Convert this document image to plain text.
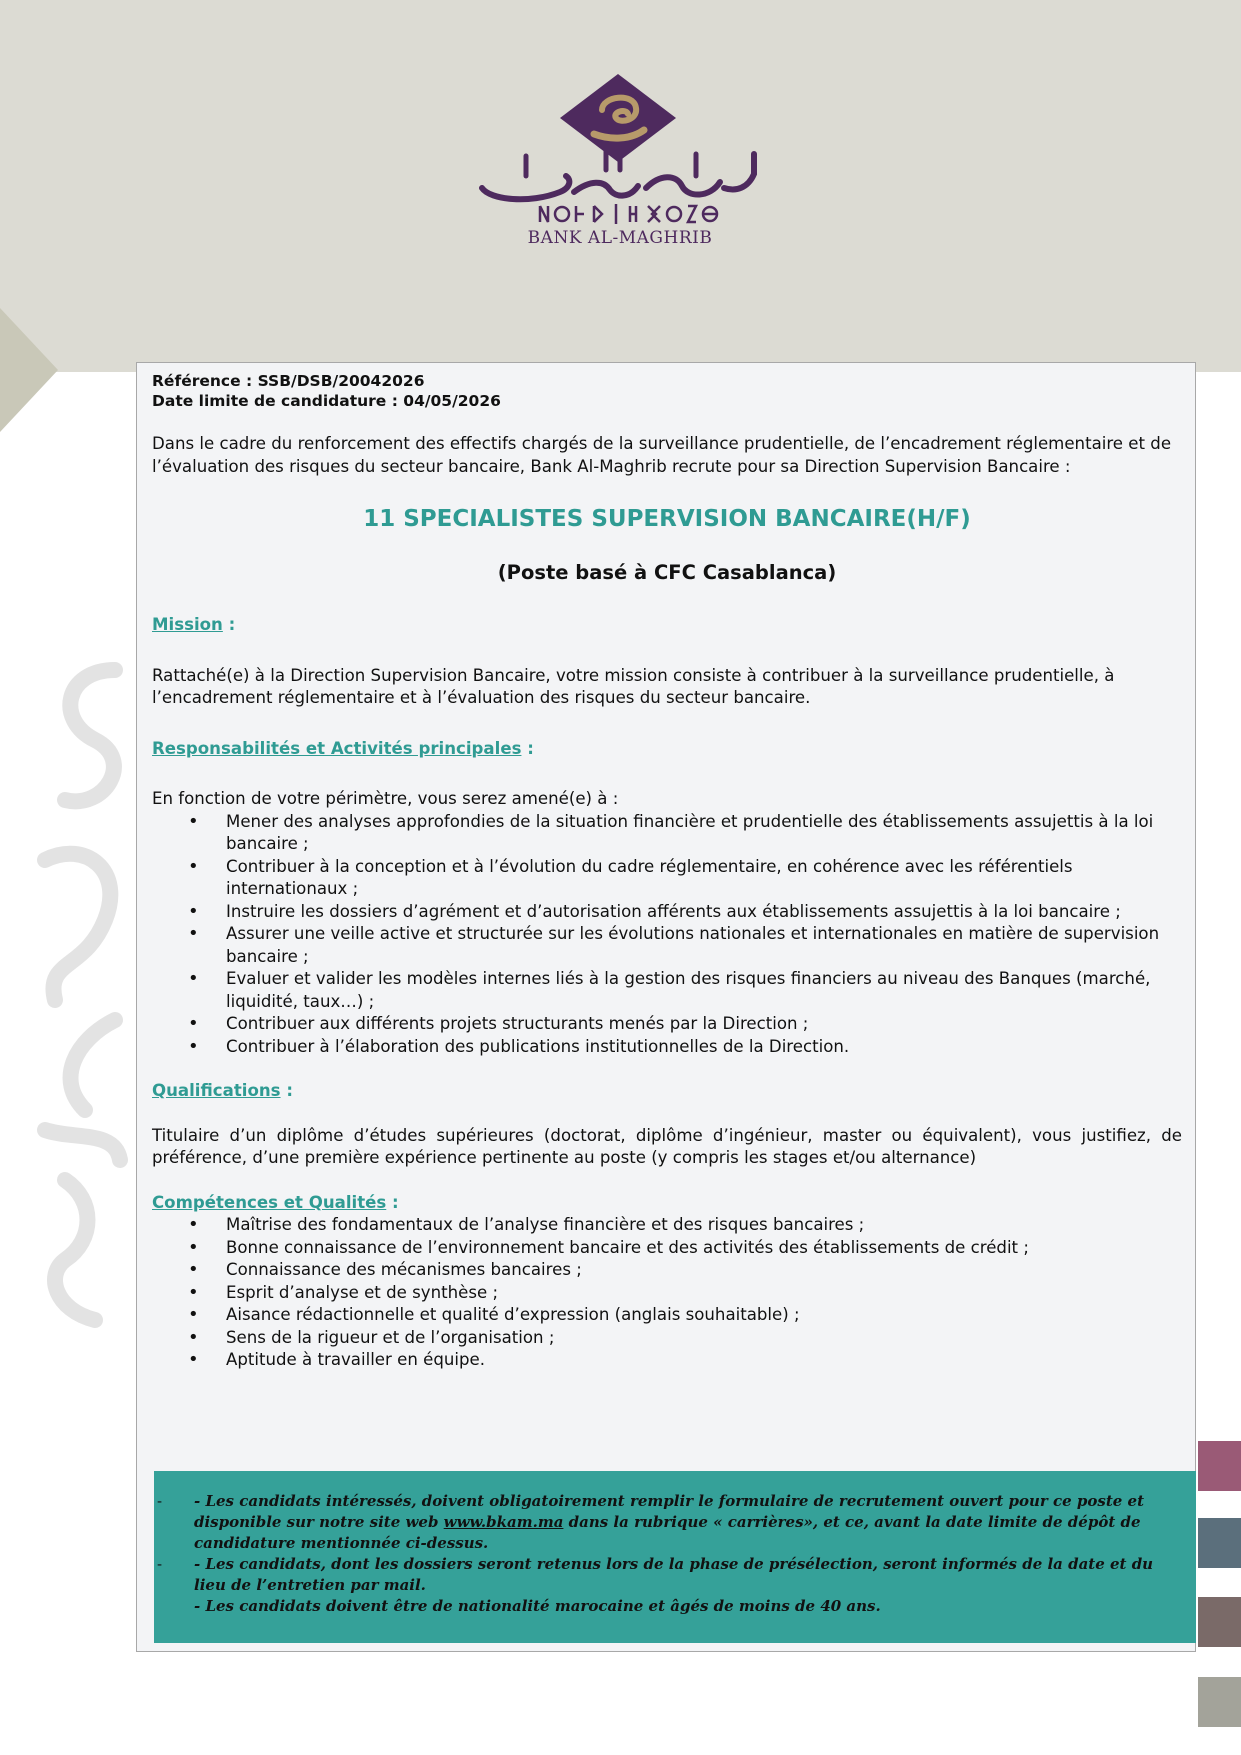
BANK AL-MAGHRIB
Référence : SSB/DSB/20042026
Date limite de candidature : 04/05/2026
Dans le cadre du renforcement des effectifs chargés de la surveillance prudentielle, de l’encadrement réglementaire et de l’évaluation des risques du secteur bancaire, Bank Al-Maghrib recrute pour sa Direction Supervision Bancaire :
11 SPECIALISTES SUPERVISION BANCAIRE(H/F)
(Poste basé à CFC Casablanca)
Mission :
Rattaché(e) à la Direction Supervision Bancaire, votre mission consiste à contribuer à la surveillance prudentielle, à l’encadrement réglementaire et à l’évaluation des risques du secteur bancaire.
Responsabilités et Activités principales :
En fonction de votre périmètre, vous serez amené(e) à :
• Mener des analyses approfondies de la situation financière et prudentielle des établissements assujettis à la loi bancaire ;
• Contribuer à la conception et à l’évolution du cadre réglementaire, en cohérence avec les référentiels internationaux ;
• Instruire les dossiers d’agrément et d’autorisation afférents aux établissements assujettis à la loi bancaire ;
• Assurer une veille active et structurée sur les évolutions nationales et internationales en matière de supervision bancaire ;
• Evaluer et valider les modèles internes liés à la gestion des risques financiers au niveau des Banques (marché, liquidité, taux…) ;
• Contribuer aux différents projets structurants menés par la Direction ;
• Contribuer à l’élaboration des publications institutionnelles de la Direction.
Qualifications :
Titulaire d’un diplôme d’études supérieures (doctorat, diplôme d’ingénieur, master ou équivalent), vous justifiez, de préférence, d’une première expérience pertinente au poste (y compris les stages et/ou alternance)
Compétences et Qualités :
• Maîtrise des fondamentaux de l’analyse financière et des risques bancaires ;
• Bonne connaissance de l’environnement bancaire et des activités des établissements de crédit ;
• Connaissance des mécanismes bancaires ;
• Esprit d’analyse et de synthèse ;
• Aisance rédactionnelle et qualité d’expression (anglais souhaitable) ;
• Sens de la rigueur et de l’organisation ;
• Aptitude à travailler en équipe.

- - Les candidats intéressés, doivent obligatoirement remplir le formulaire de recrutement ouvert pour ce poste et disponible sur notre site web www.bkam.ma dans la rubrique « carrières», et ce, avant la date limite de dépôt de candidature mentionnée ci-dessus.

- - Les candidats, dont les dossiers seront retenus lors de la phase de présélection, seront informés de la date et du lieu de l’entretien par mail.

- Les candidats doivent être de nationalité marocaine et âgés de moins de 40 ans.
